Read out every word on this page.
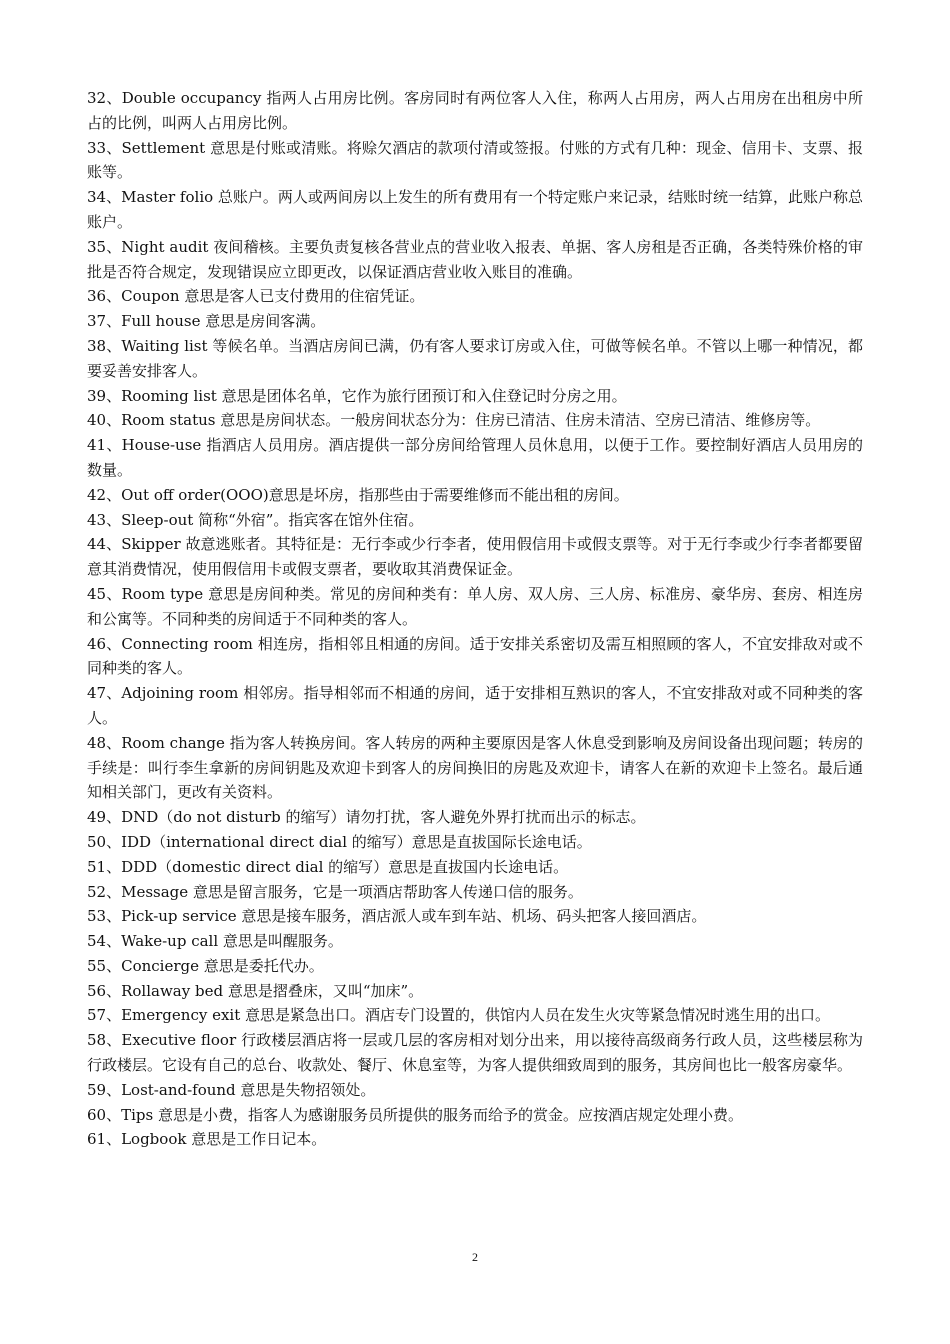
32、Double occupancy 指两人占用房比例。客房同时有两位客人入住，称两人占用房，两人占用房在出租房中所占的比例，叫两人占用房比例。

33、Settlement 意思是付账或清账。将赊欠酒店的款项付清或签报。付账的方式有几种：现金、信用卡、支票、报账等。

34、Master folio 总账户。两人或两间房以上发生的所有费用有一个特定账户来记录，结账时统一结算，此账户称总账户。

35、Night audit 夜间稽核。主要负责复核各营业点的营业收入报表、单据、客人房租是否正确，各类特殊价格的审批是否符合规定，发现错误应立即更改，以保证酒店营业收入账目的准确。

36、Coupon 意思是客人已支付费用的住宿凭证。

37、Full house 意思是房间客满。

38、Waiting list 等候名单。当酒店房间已满，仍有客人要求订房或入住，可做等候名单。不管以上哪一种情况，都要妥善安排客人。

39、Rooming list 意思是团体名单，它作为旅行团预订和入住登记时分房之用。

40、Room status 意思是房间状态。一般房间状态分为：住房已清洁、住房未清洁、空房已清洁、维修房等。

41、House-use 指酒店人员用房。酒店提供一部分房间给管理人员休息用，以便于工作。要控制好酒店人员用房的数量。

42、Out off order(OOO)意思是坏房，指那些由于需要维修而不能出租的房间。

43、Sleep-out 简称“外宿”。指宾客在馆外住宿。

44、Skipper 故意逃账者。其特征是：无行李或少行李者，使用假信用卡或假支票等。对于无行李或少行李者都要留意其消费情况，使用假信用卡或假支票者，要收取其消费保证金。

45、Room type 意思是房间种类。常见的房间种类有：单人房、双人房、三人房、标准房、豪华房、套房、相连房和公寓等。不同种类的房间适于不同种类的客人。

46、Connecting room 相连房，指相邻且相通的房间。适于安排关系密切及需互相照顾的客人，不宜安排敌对或不同种类的客人。

47、Adjoining room 相邻房。指导相邻而不相通的房间，适于安排相互熟识的客人，不宜安排敌对或不同种类的客人。

48、Room change 指为客人转换房间。客人转房的两种主要原因是客人休息受到影响及房间设备出现问题；转房的手续是：叫行李生拿新的房间钥匙及欢迎卡到客人的房间换旧的房匙及欢迎卡，请客人在新的欢迎卡上签名。最后通知相关部门，更改有关资料。

49、DND（do not disturb 的缩写）请勿打扰，客人避免外界打扰而出示的标志。

50、IDD（international direct dial 的缩写）意思是直拔国际长途电话。

51、DDD（domestic direct dial 的缩写）意思是直拔国内长途电话。

52、Message 意思是留言服务，它是一项酒店帮助客人传递口信的服务。

53、Pick-up service 意思是接车服务，酒店派人或车到车站、机场、码头把客人接回酒店。

54、Wake-up call 意思是叫醒服务。

55、Concierge 意思是委托代办。

56、Rollaway bed 意思是摺叠床，又叫“加床”。

57、Emergency exit 意思是紧急出口。酒店专门设置的，供馆内人员在发生火灾等紧急情况时逃生用的出口。

58、Executive floor 行政楼层酒店将一层或几层的客房相对划分出来，用以接待高级商务行政人员，这些楼层称为行政楼层。它设有自己的总台、收款处、餐厅、休息室等，为客人提供细致周到的服务，其房间也比一般客房豪华。

59、Lost-and-found 意思是失物招领处。

60、Tips 意思是小费，指客人为感谢服务员所提供的服务而给予的赏金。应按酒店规定处理小费。

61、Logbook 意思是工作日记本。

2
